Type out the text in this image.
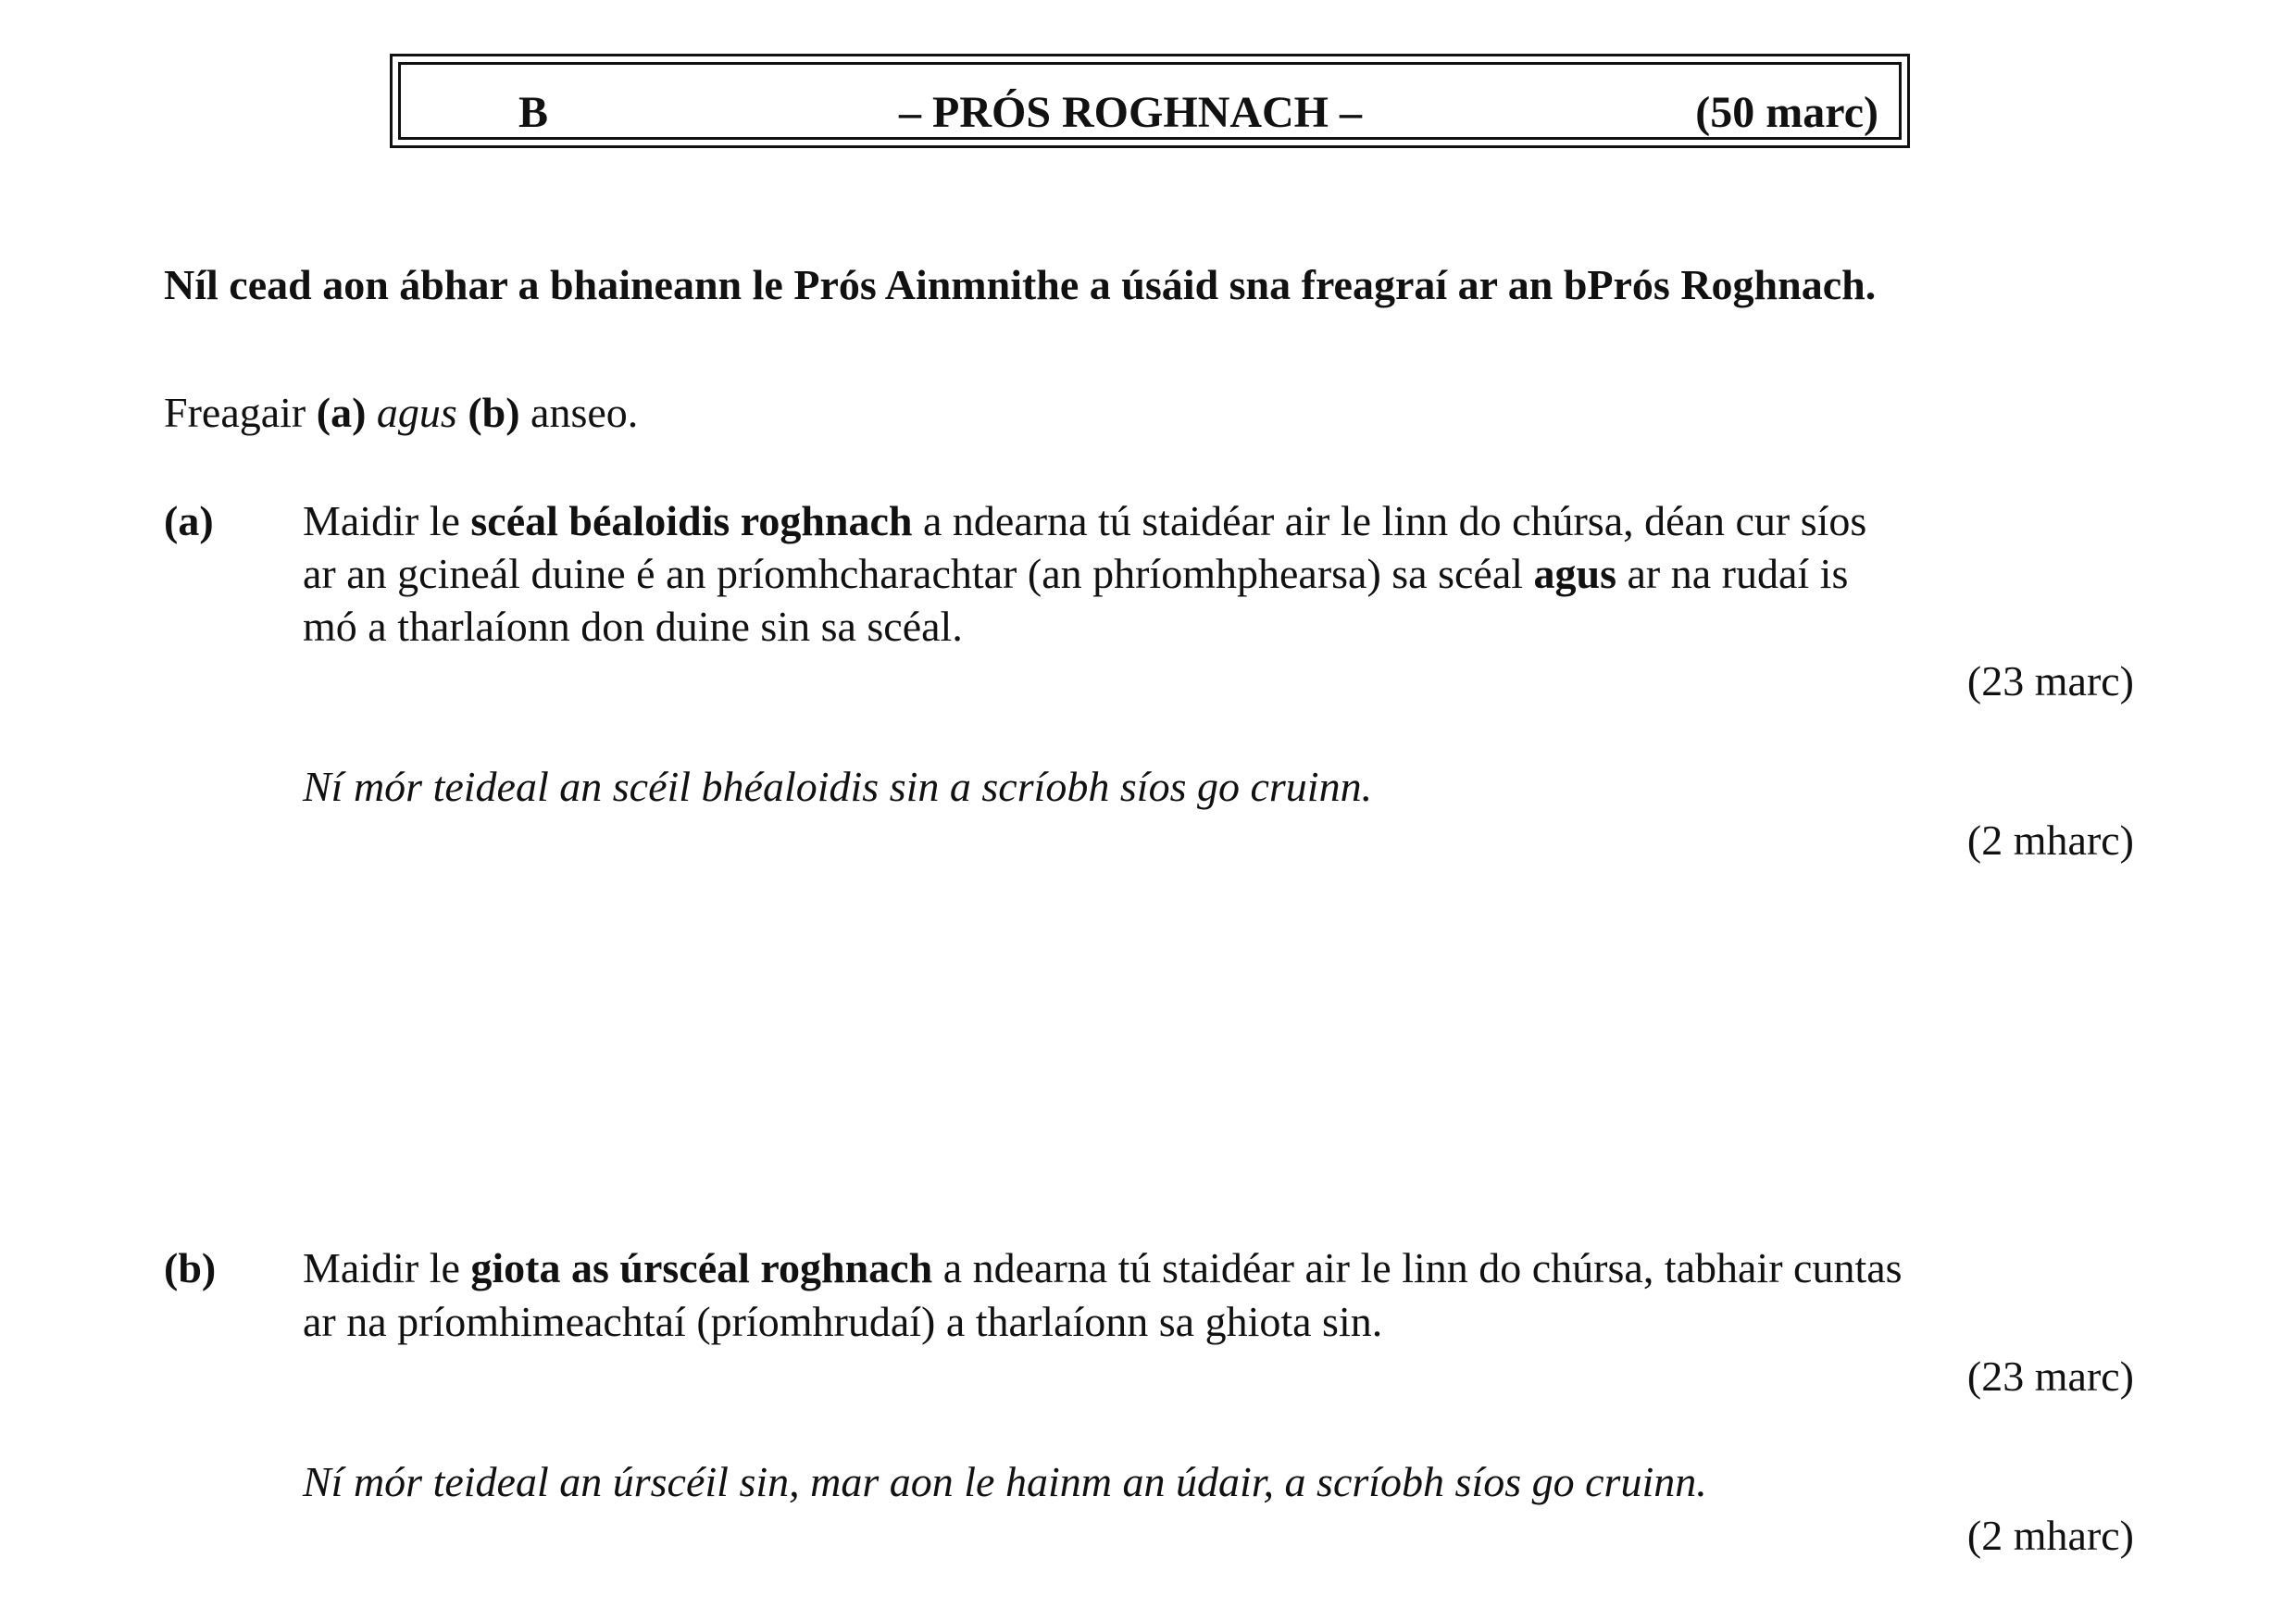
B	– PRÓS ROGHNACH –	(50 marc)
Níl cead aon ábhar a bhaineann le Prós Ainmnithe a úsáid sna freagraí ar an bPrós Roghnach.
Freagair (a) agus (b) anseo.
(a) Maidir le scéal béaloidis roghnach a ndearna tú staidéar air le linn do chúrsa, déan cur síos
ar an gcineál duine é an príomhcharachtar (an phríomhphearsa) sa scéal agus ar na rudaí is
mó a tharlaíonn don duine sin sa scéal.
(23 marc)
Ní mór teideal an scéil bhéaloidis sin a scríobh síos go cruinn.
(2 mharc)
(b) Maidir le giota as úrscéal roghnach a ndearna tú staidéar air le linn do chúrsa, tabhair cuntas
ar na príomhimeachtaí (príomhrudaí) a tharlaíonn sa ghiota sin.
(23 marc)
Ní mór teideal an úrscéil sin, mar aon le hainm an údair, a scríobh síos go cruinn.
(2 mharc)
